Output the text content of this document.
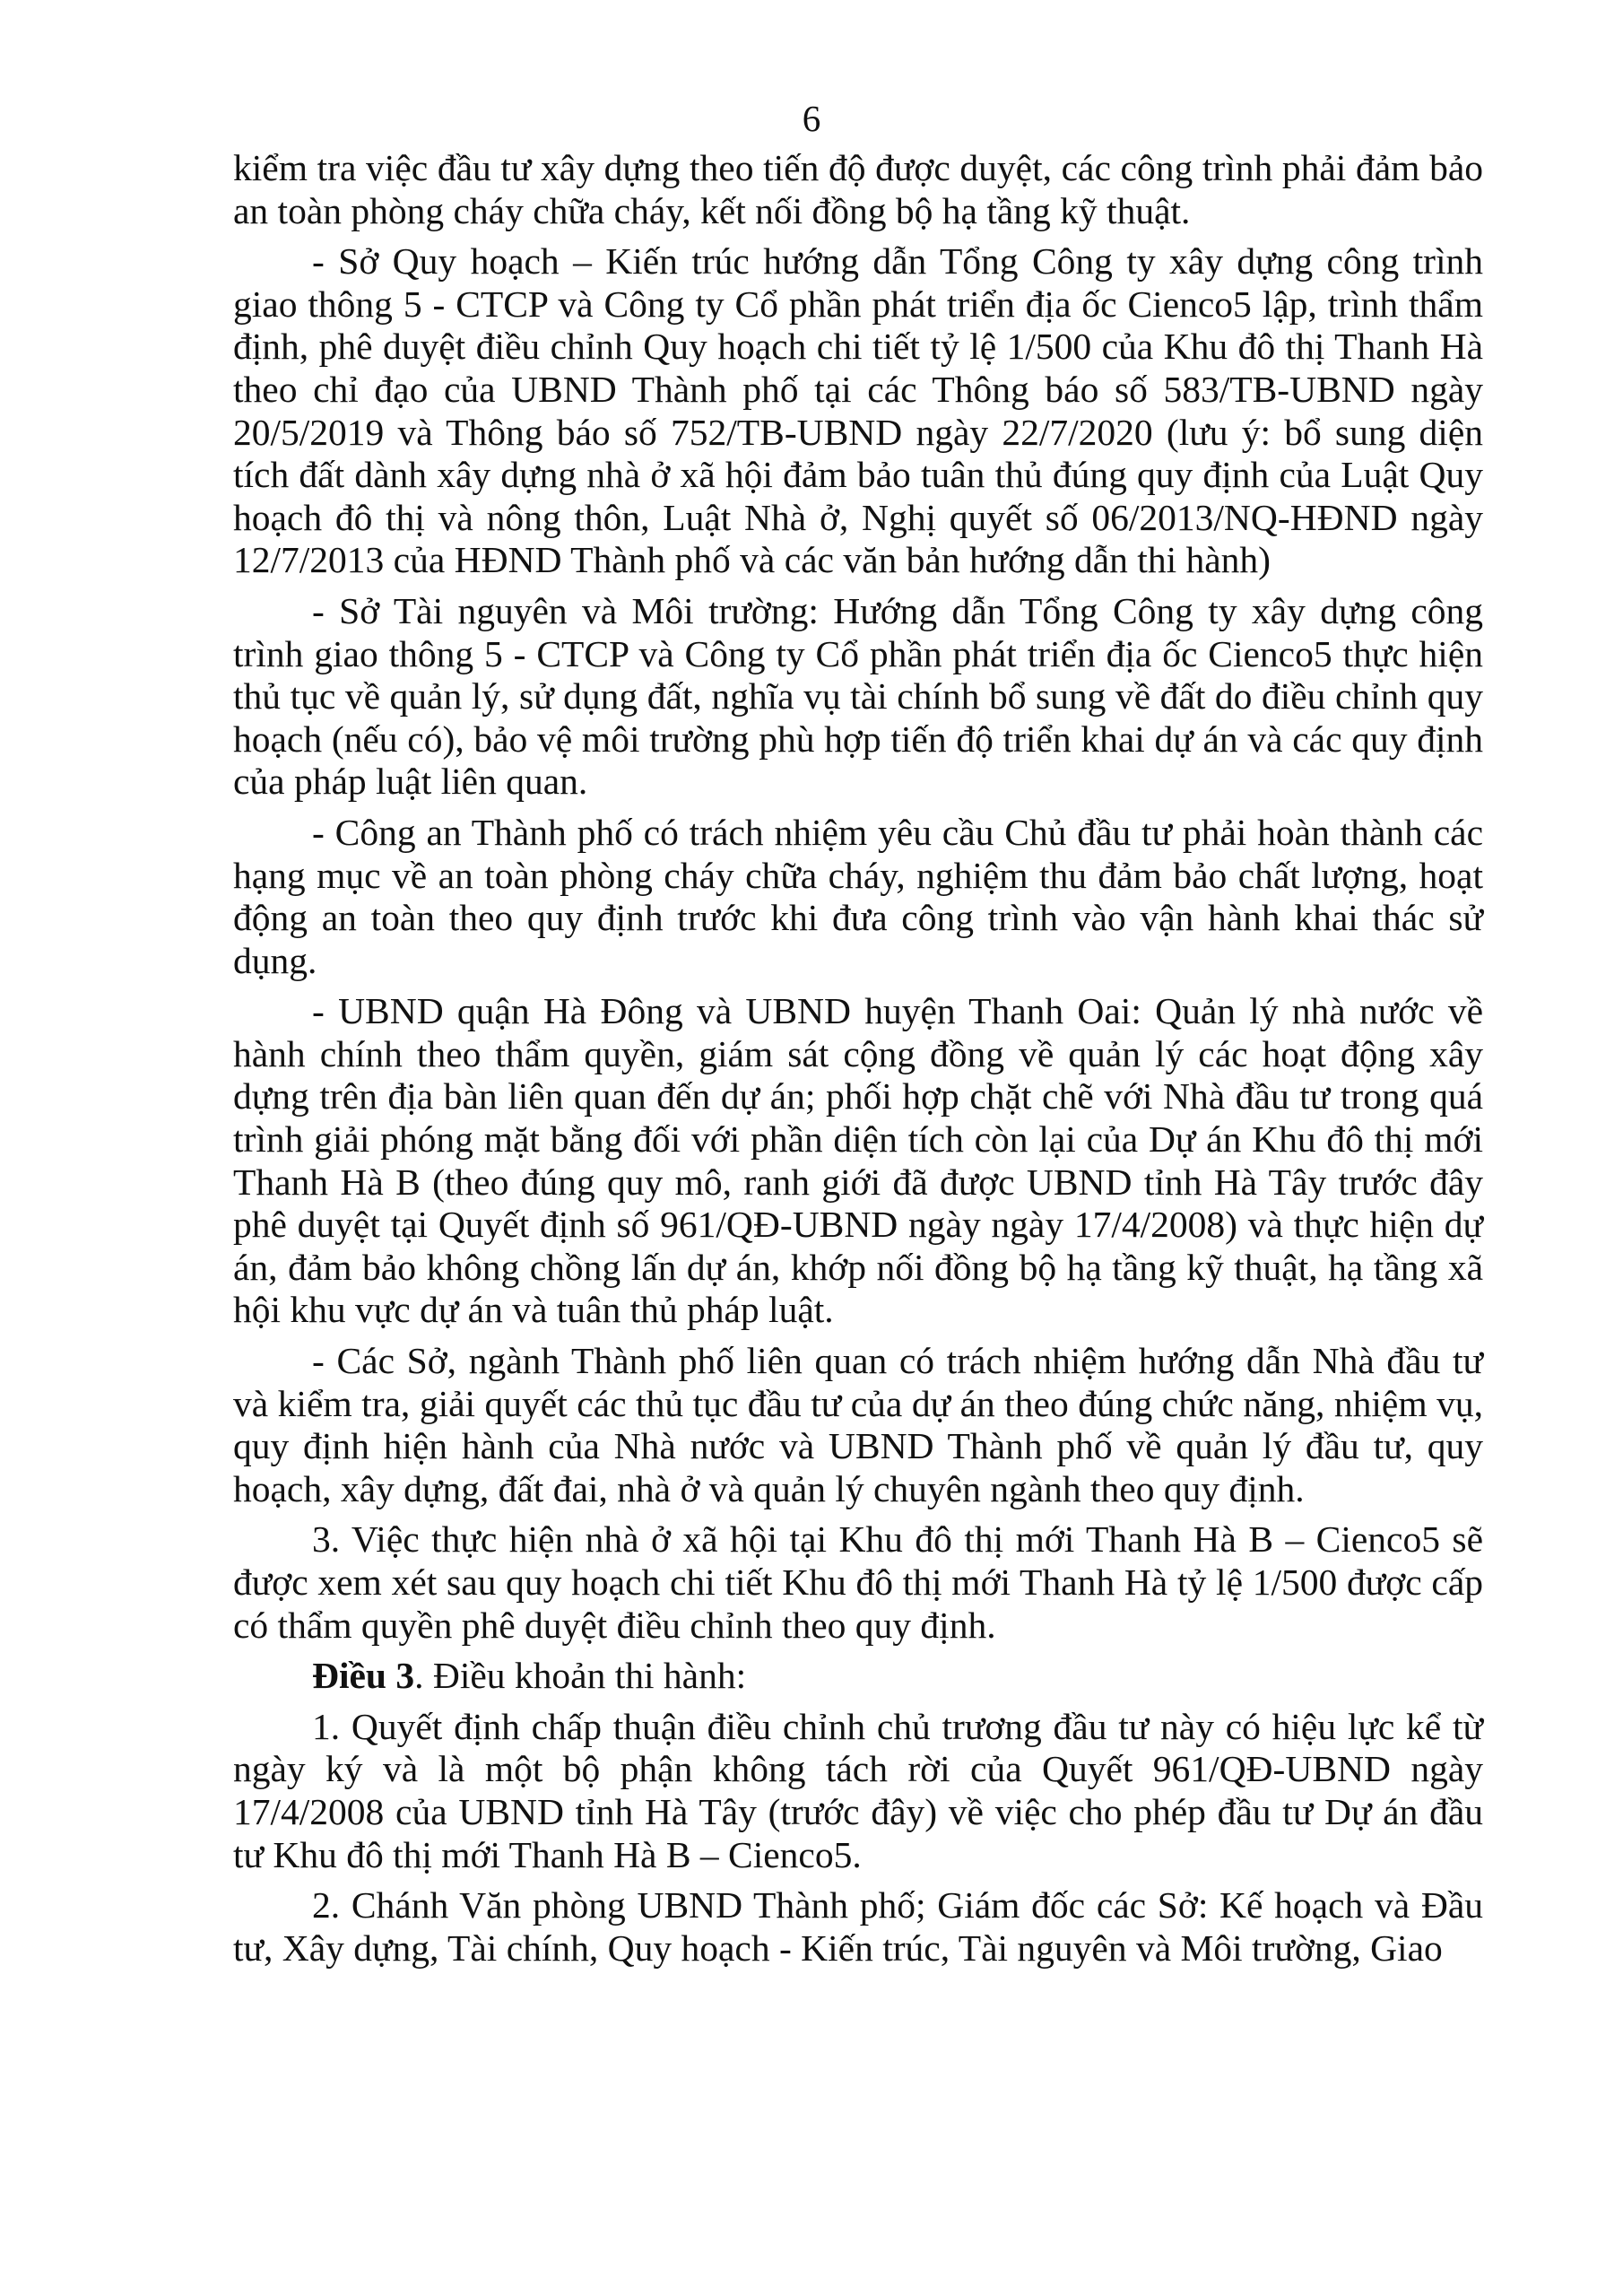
6

kiểm tra việc đầu tư xây dựng theo tiến độ được duyệt, các công trình phải đảm bảo an toàn phòng cháy chữa cháy, kết nối đồng bộ hạ tầng kỹ thuật.

- Sở Quy hoạch – Kiến trúc hướng dẫn Tổng Công ty xây dựng công trình giao thông 5 - CTCP và Công ty Cổ phần phát triển địa ốc Cienco5 lập, trình thẩm định, phê duyệt điều chỉnh Quy hoạch chi tiết tỷ lệ 1/500 của Khu đô thị Thanh Hà theo chỉ đạo của UBND Thành phố tại các Thông báo số 583/TB-UBND ngày 20/5/2019 và Thông báo số 752/TB-UBND ngày 22/7/2020 (lưu ý: bổ sung diện tích đất dành xây dựng nhà ở xã hội đảm bảo tuân thủ đúng quy định của Luật Quy hoạch đô thị và nông thôn, Luật Nhà ở, Nghị quyết số 06/2013/NQ-HĐND ngày 12/7/2013 của HĐND Thành phố và các văn bản hướng dẫn thi hành)

- Sở Tài nguyên và Môi trường: Hướng dẫn Tổng Công ty xây dựng công trình giao thông 5 - CTCP và Công ty Cổ phần phát triển địa ốc Cienco5 thực hiện thủ tục về quản lý, sử dụng đất, nghĩa vụ tài chính bổ sung về đất do điều chỉnh quy hoạch (nếu có), bảo vệ môi trường phù hợp tiến độ triển khai dự án và các quy định của pháp luật liên quan.

- Công an Thành phố có trách nhiệm yêu cầu Chủ đầu tư phải hoàn thành các hạng mục về an toàn phòng cháy chữa cháy, nghiệm thu đảm bảo chất lượng, hoạt động an toàn theo quy định trước khi đưa công trình vào vận hành khai thác sử dụng.

- UBND quận Hà Đông và UBND huyện Thanh Oai: Quản lý nhà nước về hành chính theo thẩm quyền, giám sát cộng đồng về quản lý các hoạt động xây dựng trên địa bàn liên quan đến dự án; phối hợp chặt chẽ với Nhà đầu tư trong quá trình giải phóng mặt bằng đối với phần diện tích còn lại của Dự án Khu đô thị mới Thanh Hà B (theo đúng quy mô, ranh giới đã được UBND tỉnh Hà Tây trước đây phê duyệt tại Quyết định số 961/QĐ-UBND ngày ngày 17/4/2008) và thực hiện dự án, đảm bảo không chồng lấn dự án, khớp nối đồng bộ hạ tầng kỹ thuật, hạ tầng xã hội khu vực dự án và tuân thủ pháp luật.

- Các Sở, ngành Thành phố liên quan có trách nhiệm hướng dẫn Nhà đầu tư và kiểm tra, giải quyết các thủ tục đầu tư của dự án theo đúng chức năng, nhiệm vụ, quy định hiện hành của Nhà nước và UBND Thành phố về quản lý đầu tư, quy hoạch, xây dựng, đất đai, nhà ở và quản lý chuyên ngành theo quy định.

3. Việc thực hiện nhà ở xã hội tại Khu đô thị mới Thanh Hà B – Cienco5 sẽ được xem xét sau quy hoạch chi tiết Khu đô thị mới Thanh Hà tỷ lệ 1/500 được cấp có thẩm quyền phê duyệt điều chỉnh theo quy định.

Điều 3. Điều khoản thi hành:

1. Quyết định chấp thuận điều chỉnh chủ trương đầu tư này có hiệu lực kể từ ngày ký và là một bộ phận không tách rời của Quyết 961/QĐ-UBND ngày 17/4/2008 của UBND tỉnh Hà Tây (trước đây) về việc cho phép đầu tư Dự án đầu tư Khu đô thị mới Thanh Hà B – Cienco5.

2. Chánh Văn phòng UBND Thành phố; Giám đốc các Sở: Kế hoạch và Đầu tư, Xây dựng, Tài chính, Quy hoạch - Kiến trúc, Tài nguyên và Môi trường, Giao
